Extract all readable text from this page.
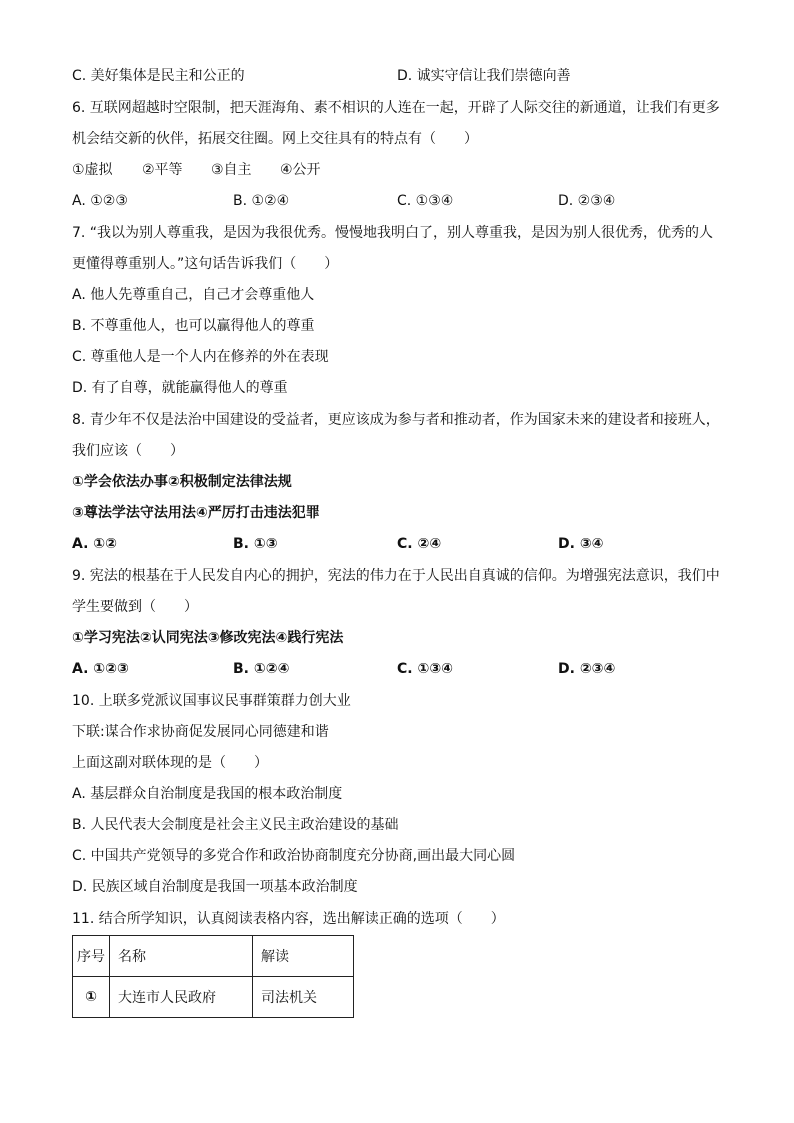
C. 美好集体是民主和公正的	D. 诚实守信让我们崇德向善
6. 互联网超越时空限制，把天涯海角、素不相识的人连在一起，开辟了人际交往的新通道，让我们有更多
机会结交新的伙伴，拓展交往圈。网上交往具有的特点有（　　）
①虚拟 ②平等 ③自主 ④公开
A. ①②③	B. ①②④	C. ①③④	D. ②③④
7. “我以为别人尊重我，是因为我很优秀。慢慢地我明白了，别人尊重我，是因为别人很优秀，优秀的人
更懂得尊重别人。”这句话告诉我们（　　）
A. 他人先尊重自己，自己才会尊重他人
B. 不尊重他人，也可以赢得他人的尊重
C. 尊重他人是一个人内在修养的外在表现
D. 有了自尊，就能赢得他人的尊重
8. 青少年不仅是法治中国建设的受益者，更应该成为参与者和推动者，作为国家未来的建设者和接班人，
我们应该（　　）
①学会依法办事②积极制定法律法规
③尊法学法守法用法④严厉打击违法犯罪
A. ①②	B. ①③	C. ②④	D. ③④
9. 宪法的根基在于人民发自内心的拥护，宪法的伟力在于人民出自真诚的信仰。为增强宪法意识，我们中
学生要做到（　　）
①学习宪法②认同宪法③修改宪法④践行宪法
A. ①②③	B. ①②④	C. ①③④	D. ②③④
10. 上联多党派议国事议民事群策群力创大业
下联:谋合作求协商促发展同心同德建和谐
上面这副对联体现的是（　　）
A. 基层群众自治制度是我国的根本政治制度
B. 人民代表大会制度是社会主义民主政治建设的基础
C. 中国共产党领导的多党合作和政治协商制度充分协商,画出最大同心圆
D. 民族区域自治制度是我国一项基本政治制度
11. 结合所学知识，认真阅读表格内容，选出解读正确的选项（　　）
序号	名称	解读
①	大连市人民政府	司法机关
